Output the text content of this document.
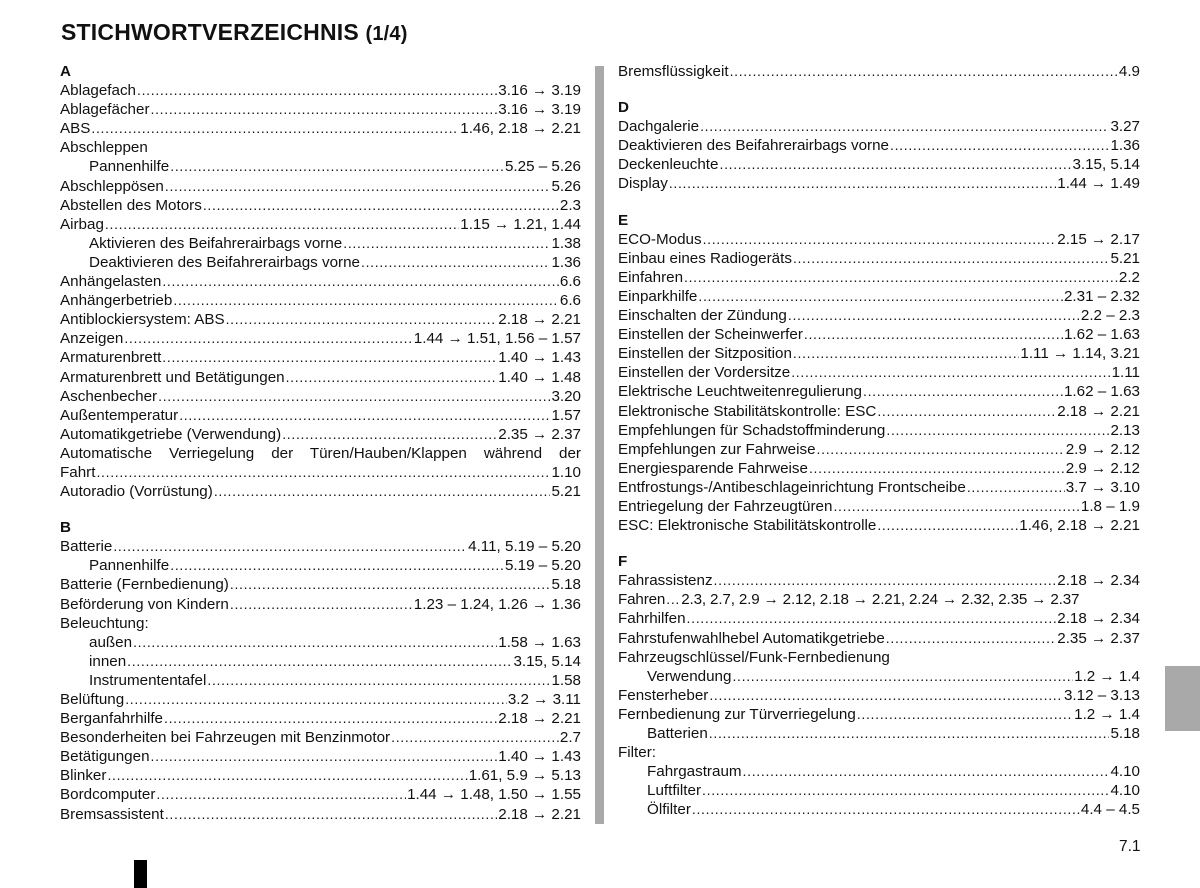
STICHWORTVERZEICHNIS (1/4)
A
Ablagefach . . .	3.16 → 3.19
Ablagefächer . . .	3.16 → 3.19
ABS . . .	1.46, 2.18 → 2.21
Abschleppen
Pannenhilfe . . .	5.25 – 5.26
Abschleppösen . . .	5.26
Abstellen des Motors . . .	2.3
Airbag . . .	1.15 → 1.21, 1.44
Aktivieren des Beifahrerairbags vorne . . .	1.38
Deaktivieren des Beifahrerairbags vorne . . .	1.36
Anhängelasten . . .	6.6
Anhängerbetrieb . . .	6.6
Antiblockiersystem: ABS . . .	2.18 → 2.21
Anzeigen . . .	1.44 → 1.51, 1.56 – 1.57
Armaturenbrett . . .	1.40 → 1.43
Armaturenbrett und Betätigungen . . .	1.40 → 1.48
Aschenbecher . . .	3.20
Außentemperatur . . .	1.57
Automatikgetriebe (Verwendung) . . .	2.35 → 2.37
Automatische Verriegelung der Türen/Hauben/Klappen während der
Fahrt . . .	1.10
Autoradio (Vorrüstung) . . .	5.21
B
Batterie . . .	4.11, 5.19 – 5.20
Pannenhilfe . . .	5.19 – 5.20
Batterie (Fernbedienung) . . .	5.18
Beförderung von Kindern . . .	1.23 – 1.24, 1.26 → 1.36
Beleuchtung:
außen . . .	1.58 → 1.63
innen . . .	3.15, 5.14
Instrumententafel . . .	1.58
Belüftung . . .	3.2 → 3.11
Berganfahrhilfe . . .	2.18 → 2.21
Besonderheiten bei Fahrzeugen mit Benzinmotor . . .	2.7
Betätigungen . . .	1.40 → 1.43
Blinker . . .	1.61, 5.9 → 5.13
Bordcomputer . . .	1.44 → 1.48, 1.50 → 1.55
Bremsassistent . . .	2.18 → 2.21
Bremsflüssigkeit . . .	4.9
D
Dachgalerie . . .	3.27
Deaktivieren des Beifahrerairbags vorne . . .	1.36
Deckenleuchte . . .	3.15, 5.14
Display . . .	1.44 → 1.49
E
ECO-Modus . . .	2.15 → 2.17
Einbau eines Radiogeräts . . .	5.21
Einfahren . . .	2.2
Einparkhilfe . . .	2.31 – 2.32
Einschalten der Zündung . . .	2.2 – 2.3
Einstellen der Scheinwerfer . . .	1.62 – 1.63
Einstellen der Sitzposition . . .	1.11 → 1.14, 3.21
Einstellen der Vordersitze . . .	1.11
Elektrische Leuchtweitenregulierung . . .	1.62 – 1.63
Elektronische Stabilitätskontrolle: ESC . . .	2.18 → 2.21
Empfehlungen für Schadstoffminderung . . .	2.13
Empfehlungen zur Fahrweise . . .	2.9 → 2.12
Energiesparende Fahrweise . . .	2.9 → 2.12
Entfrostungs-/Antibeschlageinrichtung Frontscheibe . . .	3.7 → 3.10
Entriegelung der Fahrzeugtüren . . .	1.8 – 1.9
ESC: Elektronische Stabilitätskontrolle . . .	1.46, 2.18 → 2.21
F
Fahrassistenz . . .	2.18 → 2.34
Fahren . . . 2.3, 2.7, 2.9 → 2.12, 2.18 → 2.21, 2.24 → 2.32, 2.35 → 2.37
Fahrhilfen . . .	2.18 → 2.34
Fahrstufenwahlhebel Automatikgetriebe . . .	2.35 → 2.37
Fahrzeugschlüssel/Funk-Fernbedienung
Verwendung . . .	1.2 → 1.4
Fensterheber . . .	3.12 – 3.13
Fernbedienung zur Türverriegelung . . .	1.2 → 1.4
Batterien . . .	5.18
Filter:
Fahrgastraum . . .	4.10
Luftfilter . . .	4.10
Ölfilter . . .	4.4 – 4.5
7.1
